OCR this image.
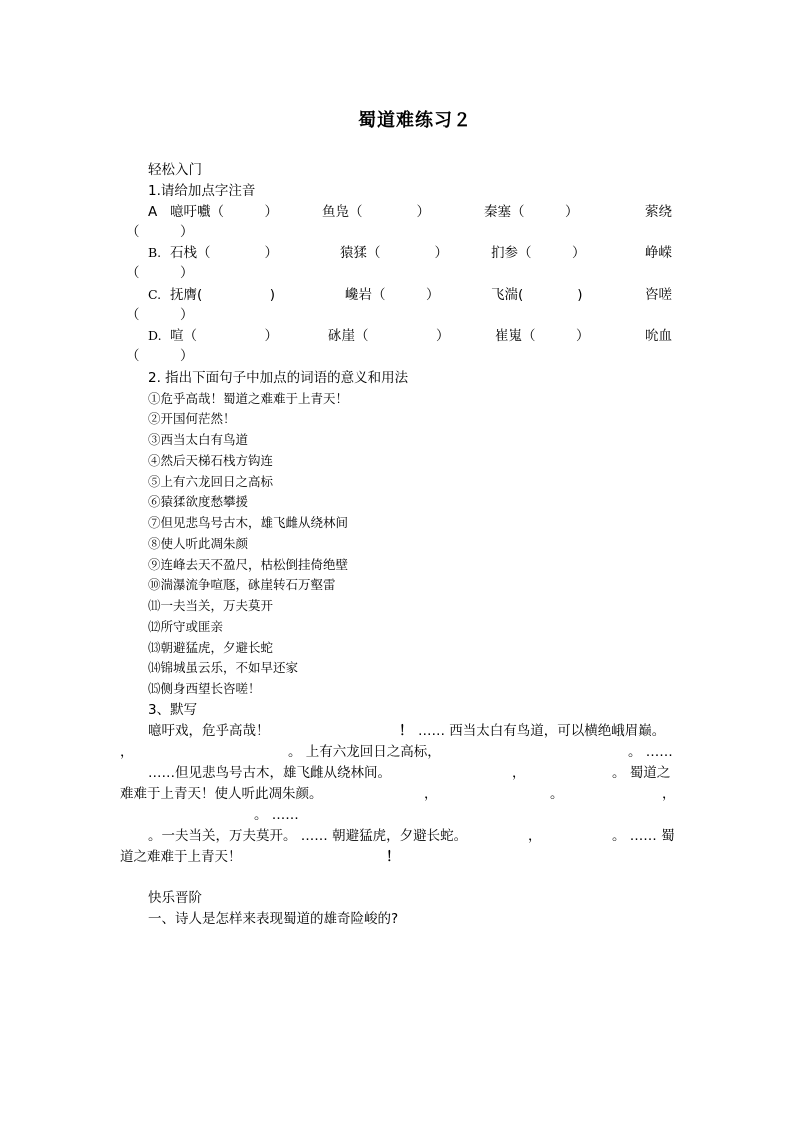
蜀道难练习２
轻松入门
1.请给加点字注音
A 噫吁嚱（　　　）	鱼凫（　　　　）	秦塞（　　　）	萦绕
（　　　）
B. 石栈（　　　　）	猿猱（　　　　）	扪参（　　　）	峥嵘
（　　　）
C. 抚膺(　　　　　)	巉岩（　　　）	飞湍(　　　　)	咨嗟
（　　　）
D. 喧（　　　　　）	砯崖（　　　　　）	崔嵬（　　　）	吮血
（　　　）
2. 指出下面句子中加点的词语的意义和用法
①危乎高哉！蜀道之难难于上青天！
②开国何茫然！
③西当太白有鸟道
④然后天梯石栈方钩连
⑤上有六龙回日之高标
⑥猿猱欲度愁攀援
⑦但见悲鸟号古木，雄飞雌从绕林间
⑧使人听此凋朱颜
⑨连峰去天不盈尺，枯松倒挂倚绝壁
⑩湍瀑流争喧豗，砯崖转石万壑雷
⑾一夫当关，万夫莫开
⑿所守或匪亲
⒀朝避猛虎，夕避长蛇
⒁锦城虽云乐，不如早还家
⒂侧身西望长咨嗟！
3、默写
噫吁戏，危乎高哉！	！ …… 西当太白有鸟道，可以横绝峨眉巅。
，	。 上有六龙回日之高标，	。 ……
……但见悲鸟号古木，雄飞雌从绕林间。	，	。 蜀道之
难难于上青天！使人听此凋朱颜。	，	。	，
。 ……
。一夫当关，万夫莫开。 …… 朝避猛虎，夕避长蛇。	，	。 …… 蜀
道之难难于上青天！	！
快乐晋阶
一、诗人是怎样来表现蜀道的雄奇险峻的?
